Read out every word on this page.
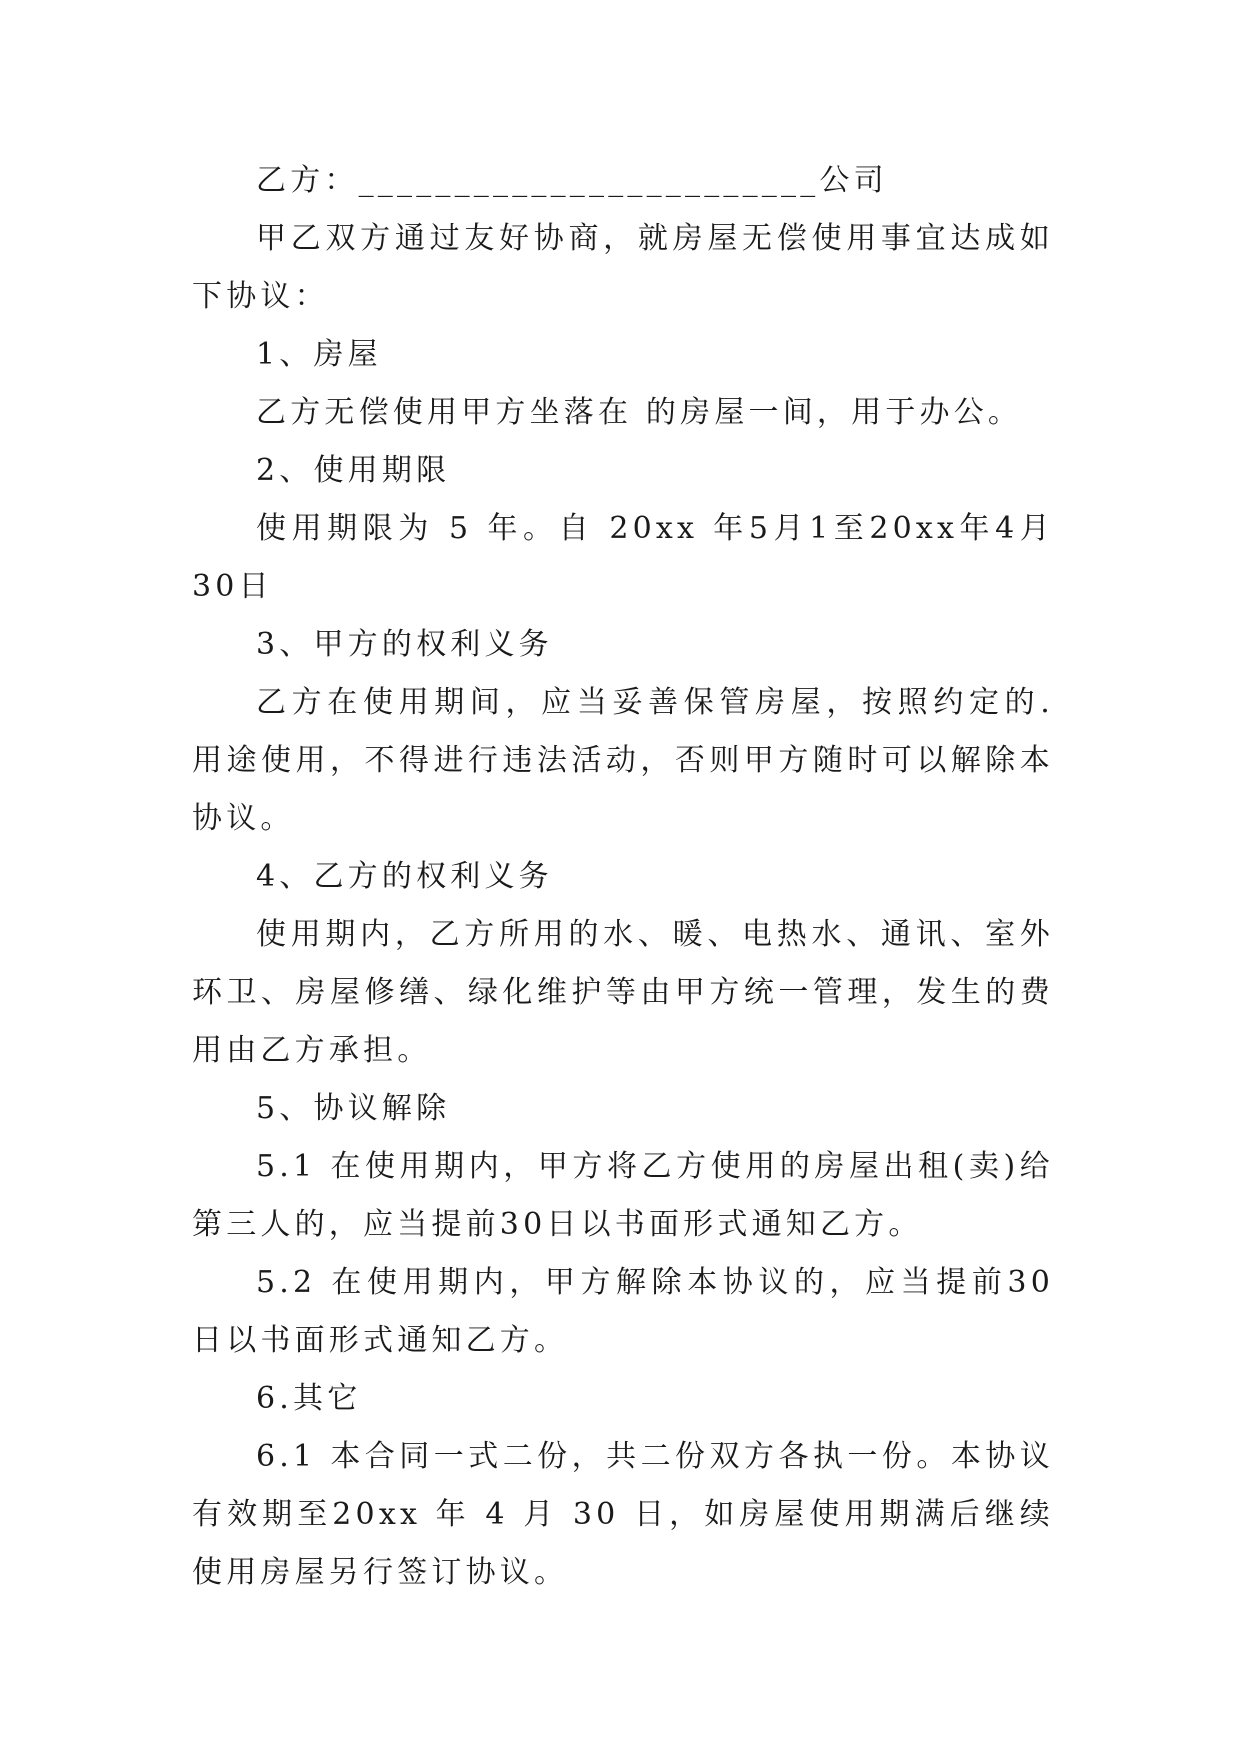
乙方：________________________公司

甲乙双方通过友好协商，就房屋无偿使用事宜达成如下协议：

1、房屋

乙方无偿使用甲方坐落在 的房屋一间，用于办公。

2、使用期限

使用期限为 5 年。自 20xx 年5月1至20xx年4月30日

3、甲方的权利义务

乙方在使用期间，应当妥善保管房屋，按照约定的.用途使用，不得进行违法活动，否则甲方随时可以解除本协议。

4、乙方的权利义务

使用期内，乙方所用的水、暖、电热水、通讯、室外环卫、房屋修缮、绿化维护等由甲方统一管理，发生的费用由乙方承担。

5、协议解除

5.1 在使用期内，甲方将乙方使用的房屋出租(卖)给第三人的，应当提前30日以书面形式通知乙方。

5.2 在使用期内，甲方解除本协议的，应当提前30日以书面形式通知乙方。

6.其它

6.1 本合同一式二份，共二份双方各执一份。本协议有效期至20xx 年 4 月 30 日，如房屋使用期满后继续使用房屋另行签订协议。
